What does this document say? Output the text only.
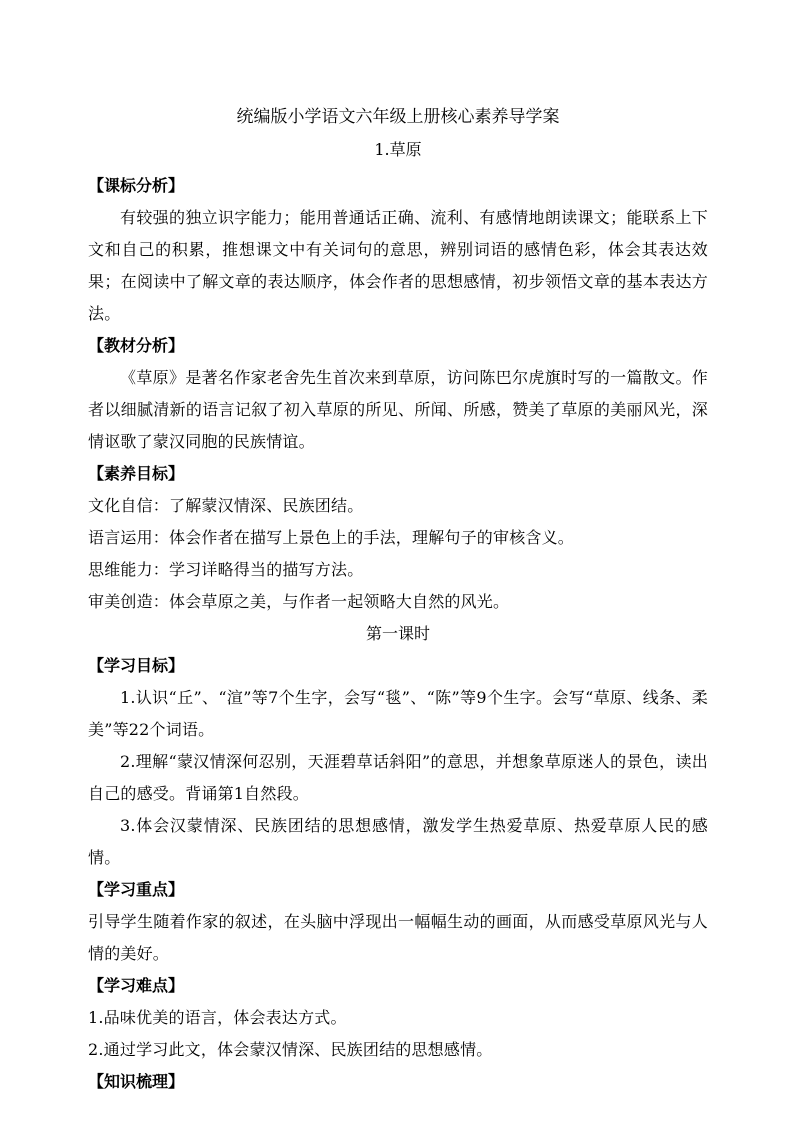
统编版小学语文六年级上册核心素养导学案
1.草原
【课标分析】

有较强的独立识字能力；能用普通话正确、流利、有感情地朗读课文；能联系上下文和自己的积累，推想课文中有关词句的意思，辨别词语的感情色彩，体会其表达效果；在阅读中了解文章的表达顺序，体会作者的思想感情，初步领悟文章的基本表达方法。

【教材分析】

《草原》是著名作家老舍先生首次来到草原，访问陈巴尔虎旗时写的一篇散文。作者以细腻清新的语言记叙了初入草原的所见、所闻、所感，赞美了草原的美丽风光，深情讴歌了蒙汉同胞的民族情谊。

【素养目标】

文化自信：了解蒙汉情深、民族团结。

语言运用：体会作者在描写上景色上的手法，理解句子的审核含义。

思维能力：学习详略得当的描写方法。

审美创造：体会草原之美，与作者一起领略大自然的风光。

第一课时
【学习目标】

1.认识“丘”、“渲”等7个生字，会写“毯”、“陈”等9个生字。会写“草原、线条、柔美”等22个词语。

2.理解“蒙汉情深何忍别，天涯碧草话斜阳”的意思，并想象草原迷人的景色，读出自己的感受。背诵第1自然段。

3.体会汉蒙情深、民族团结的思想感情，激发学生热爱草原、热爱草原人民的感情。

【学习重点】

引导学生随着作家的叙述，在头脑中浮现出一幅幅生动的画面，从而感受草原风光与人情的美好。

【学习难点】

1.品味优美的语言，体会表达方式。

2.通过学习此文，体会蒙汉情深、民族团结的思想感情。

【知识梳理】
